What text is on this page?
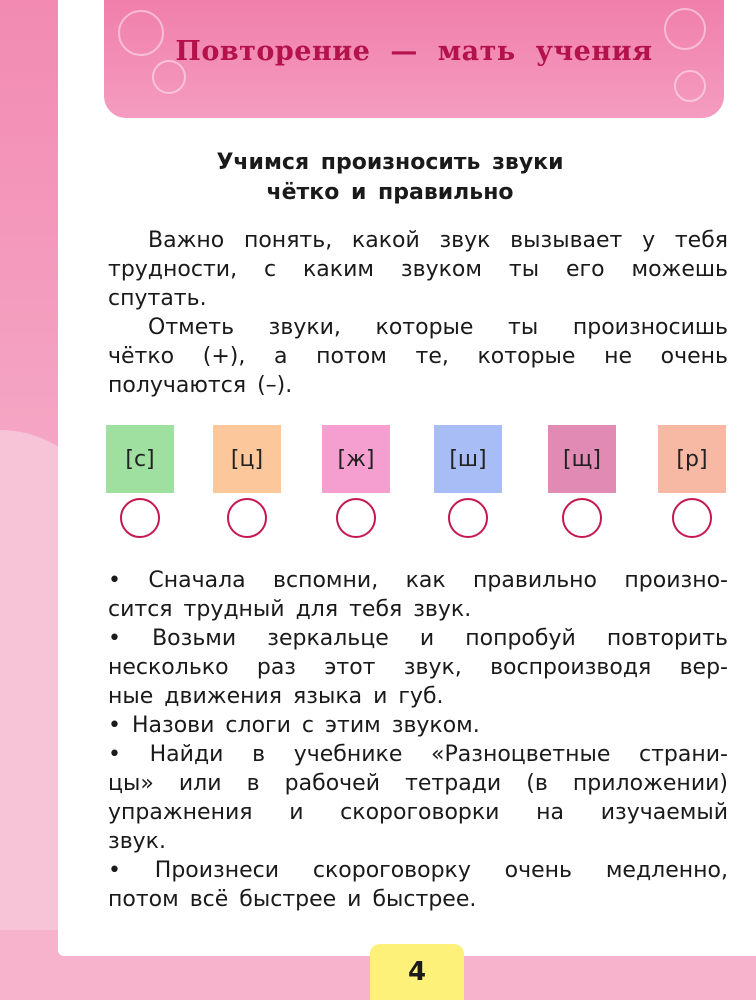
Повторение — мать учения
Учимся произносить звуки
чётко и правильно
Важно понять, какой звук вызывает у тебя
трудности, с каким звуком ты его можешь
спутать.
Отметь звуки, которые ты произносишь
чётко (+), а потом те, которые не очень
получаются (–).
[с]	[ц]	[ж]	[ш]	[щ]	[р]
• Сначала вспомни, как правильно произно-
сится трудный для тебя звук.
• Возьми зеркальце и попробуй повторить
несколько раз этот звук, воспроизводя вер-
ные движения языка и губ.
• Назови слоги с этим звуком.
• Найди в учебнике «Разноцветные страни-
цы» или в рабочей тетради (в приложении)
упражнения и скороговорки на изучаемый
звук.
• Произнеси скороговорку очень медленно,
потом всё быстрее и быстрее.
4
